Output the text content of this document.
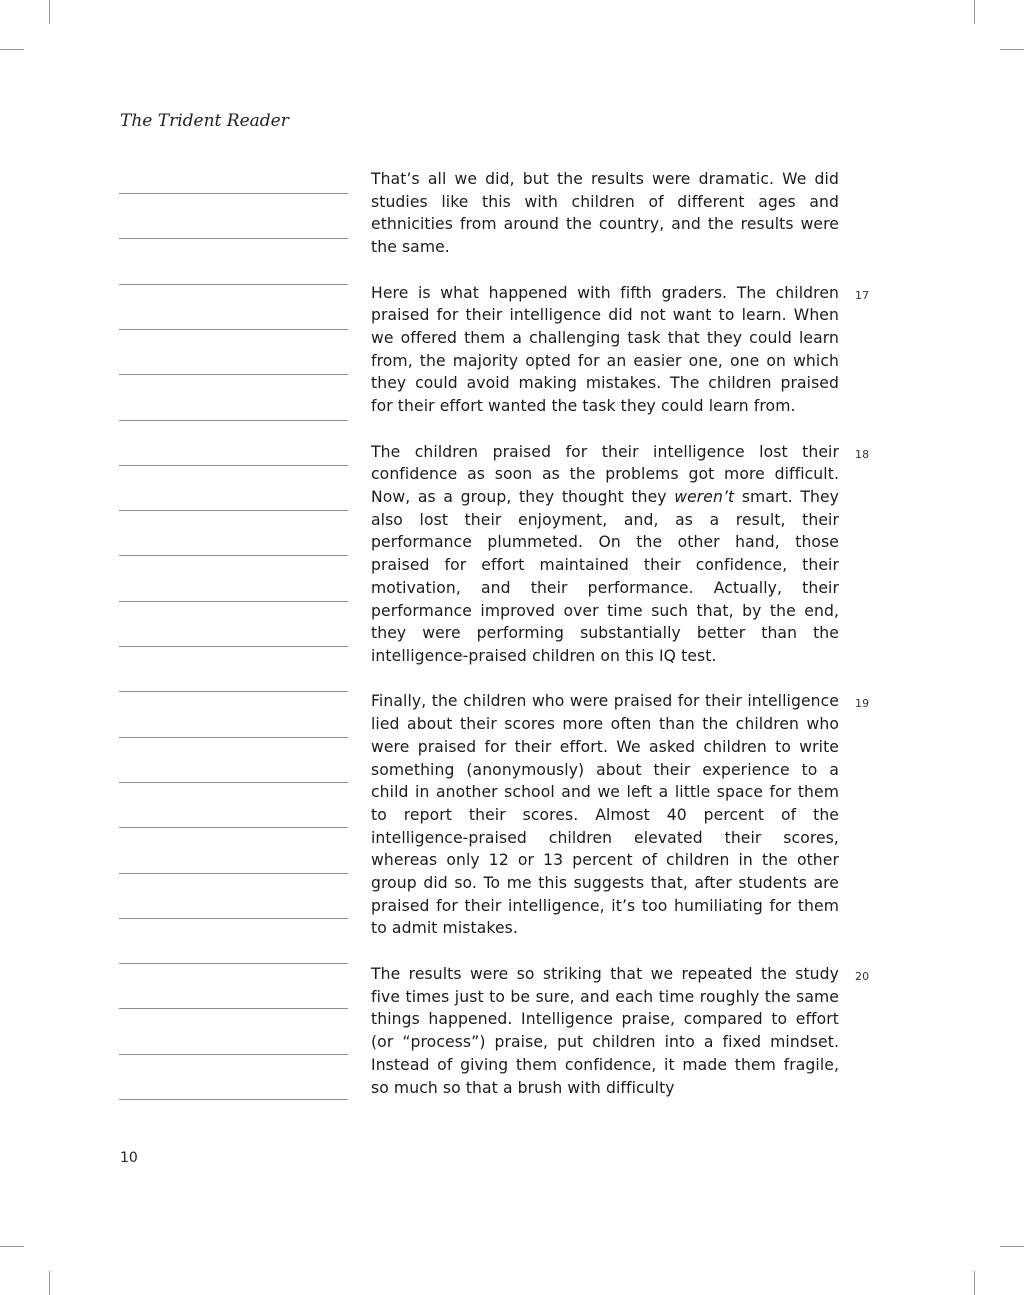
The Trident Reader

That’s all we did, but the results were dramatic. We did studies like this with children of different ages and ethnicities from around the country, and the results were the same.

17
Here is what happened with fifth graders. The children praised for their intelligence did not want to learn. When we offered them a challenging task that they could learn from, the majority opted for an easier one, one on which they could avoid making mistakes. The children praised for their effort wanted the task they could learn from.

18
The children praised for their intelligence lost their confidence as soon as the problems got more difficult. Now, as a group, they thought they weren’t smart. They also lost their enjoyment, and, as a result, their performance plummeted. On the other hand, those praised for effort maintained their confidence, their motivation, and their performance. Actually, their performance improved over time such that, by the end, they were performing substantially better than the intelligence-praised children on this IQ test.

19
Finally, the children who were praised for their intelligence lied about their scores more often than the children who were praised for their effort. We asked children to write something (anonymously) about their experience to a child in another school and we left a little space for them to report their scores. Almost 40 percent of the intelligence-praised children elevated their scores, whereas only 12 or 13 percent of children in the other group did so. To me this suggests that, after students are praised for their intelligence, it’s too humiliating for them to admit mistakes.

20
The results were so striking that we repeated the study five times just to be sure, and each time roughly the same things happened. Intelligence praise, compared to effort (or “process”) praise, put children into a fixed mindset. Instead of giving them confidence, it made them fragile, so much so that a brush with difficulty

10
